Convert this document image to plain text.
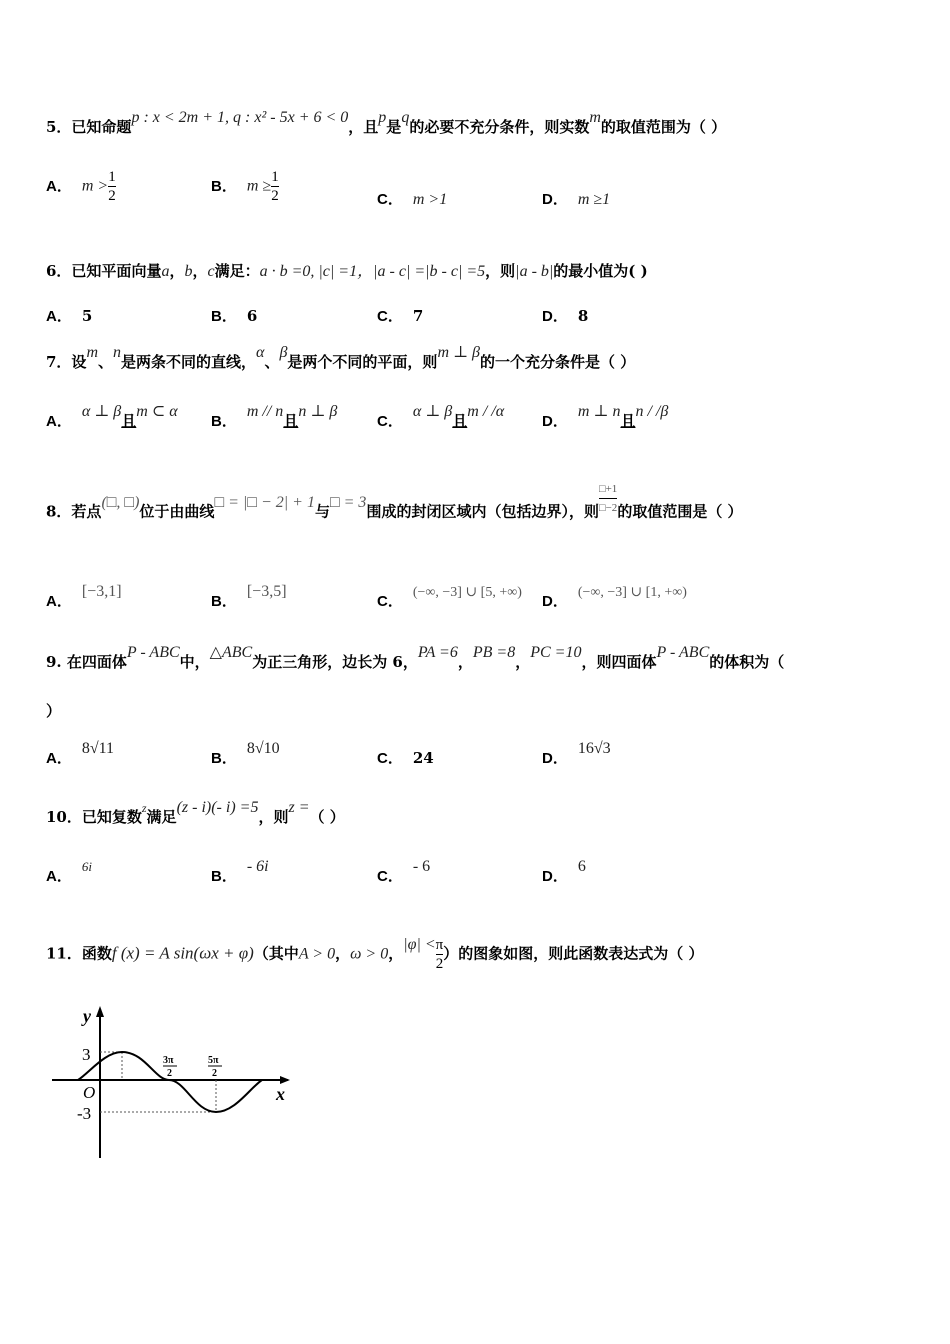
5．已知命题p : x < 2m + 1, q : x² - 5x + 6 < 0，且p是q的必要不充分条件，则实数m的取值范围为（ ）
A． $m > \frac{1}{2}$	B． $m \ge \frac{1}{2}$	C． m >1	D． m ≥1
6．已知平面向量a，b，c满足：a · b =0, |c| =1，|a - c| =|b - c| =5，则|a - b|的最小值为( )
A． 5	B． 6	C． 7	D． 8
7．设m、n是两条不同的直线，α、β是两个不同的平面，则m ⊥ β的一个充分条件是（ ）
A．α ⊥ β且m ⊂ α
B．m // n且n ⊥ β
C．α ⊥ β且m / /α
D．m ⊥ n且n / /β
8．若点(□, □)位于由曲线□ = |□ − 2| + 1与□ = 3围成的封闭区域内（包括边界），则 $\frac{□+1}{□-2}$ 的取值范围是（ ）
A．[−3,1]
B．[−3,5]
C．(−∞, −3] ∪ [5, +∞)
D．(−∞, −3] ∪ [1, +∞)
9. 在四面体P - ABC中，△ABC为正三角形，边长为 6，PA =6，PB =8，PC =10，则四面体P - ABC的体积为（
）
A．8√11
B．8√10
C． 24	D．16√3
10．已知复数$^z$满足(z - i)(- i) =5，则z =（ ）
A．6i
B．- 6i
C．- 6
D．6
11．函数f (x) = A sin(ωx + φ)（其中A > 0，ω > 0，$|\varphi| < \frac{\pi}{2}$ ）的图象如图，则此函数表达式为（ ）
y
x
O
3
-3
3π
2
5π
2
